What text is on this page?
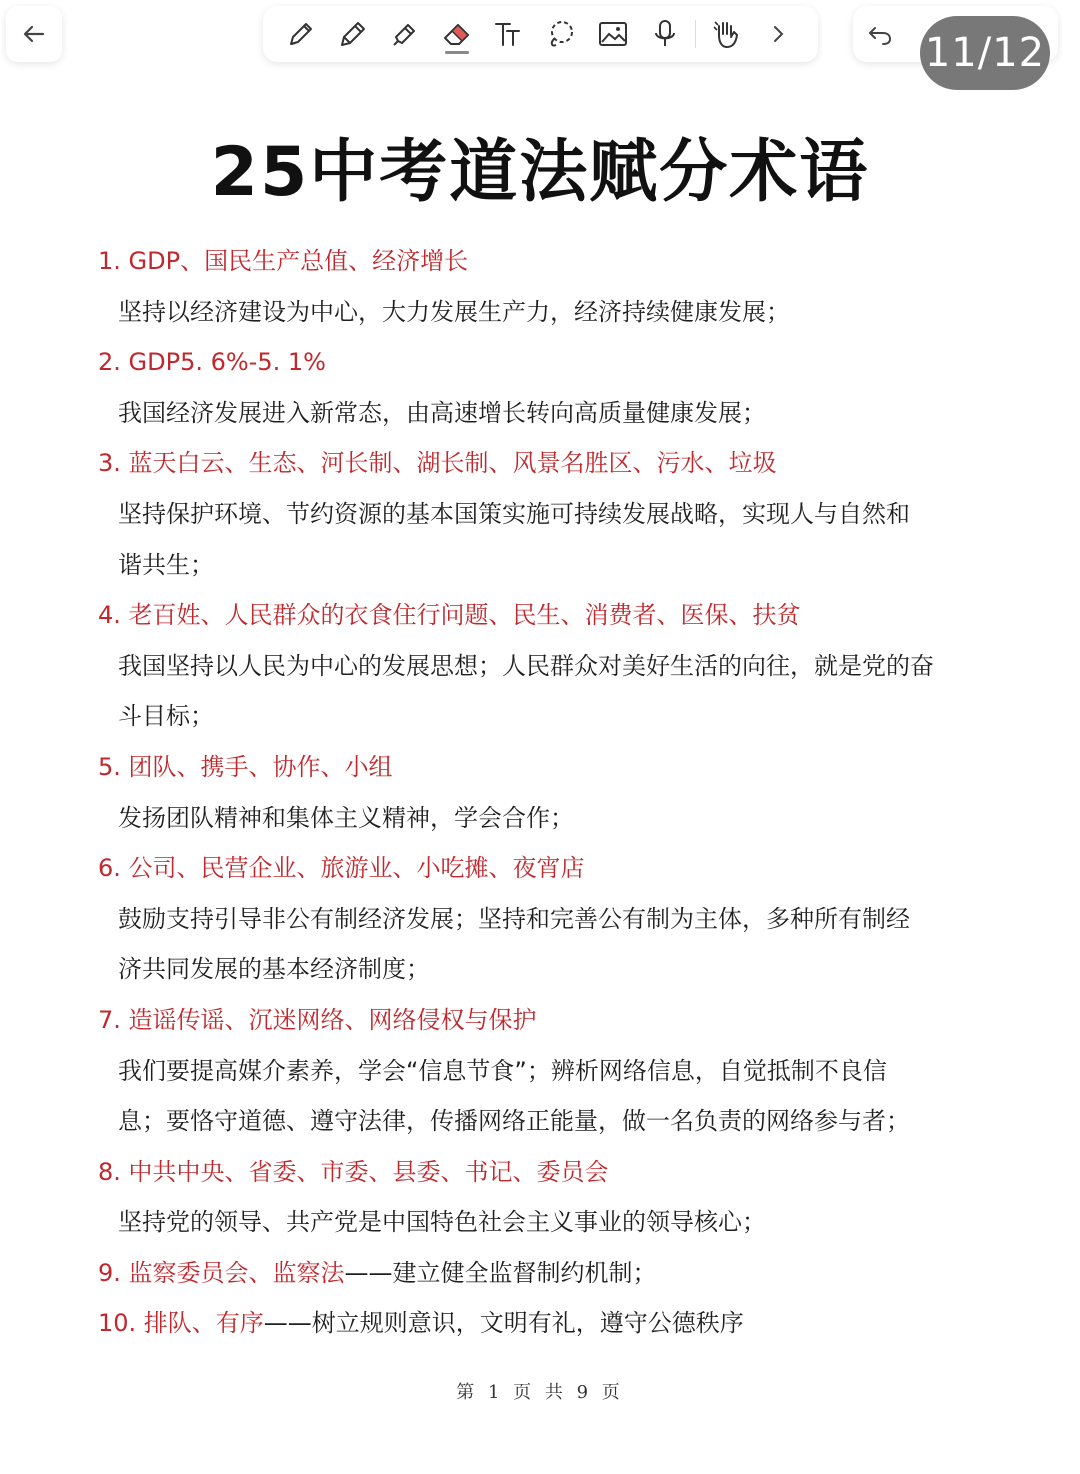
11/12
25中考道法赋分术语
1. GDP、国民生产总值、经济增长
坚持以经济建设为中心，大力发展生产力，经济持续健康发展；
2. GDP5. 6%-5. 1%
我国经济发展进入新常态，由高速增长转向高质量健康发展；
3. 蓝天白云、生态、河长制、湖长制、风景名胜区、污水、垃圾
坚持保护环境、节约资源的基本国策实施可持续发展战略，实现人与自然和
谐共生；
4. 老百姓、人民群众的衣食住行问题、民生、消费者、医保、扶贫
我国坚持以人民为中心的发展思想；人民群众对美好生活的向往，就是党的奋
斗目标；
5. 团队、携手、协作、小组
发扬团队精神和集体主义精神，学会合作；
6. 公司、民营企业、旅游业、小吃摊、夜宵店
鼓励支持引导非公有制经济发展；坚持和完善公有制为主体，多种所有制经
济共同发展的基本经济制度；
7. 造谣传谣、沉迷网络、网络侵权与保护
我们要提高媒介素养，学会“信息节食”；辨析网络信息，自觉抵制不良信
息；要恪守道德、遵守法律，传播网络正能量，做一名负责的网络参与者；
8. 中共中央、省委、市委、县委、书记、委员会
坚持党的领导、共产党是中国特色社会主义事业的领导核心；
9. 监察委员会、监察法——建立健全监督制约机制；
10. 排队、有序——树立规则意识，文明有礼，遵守公德秩序
第 1 页 共 9 页
